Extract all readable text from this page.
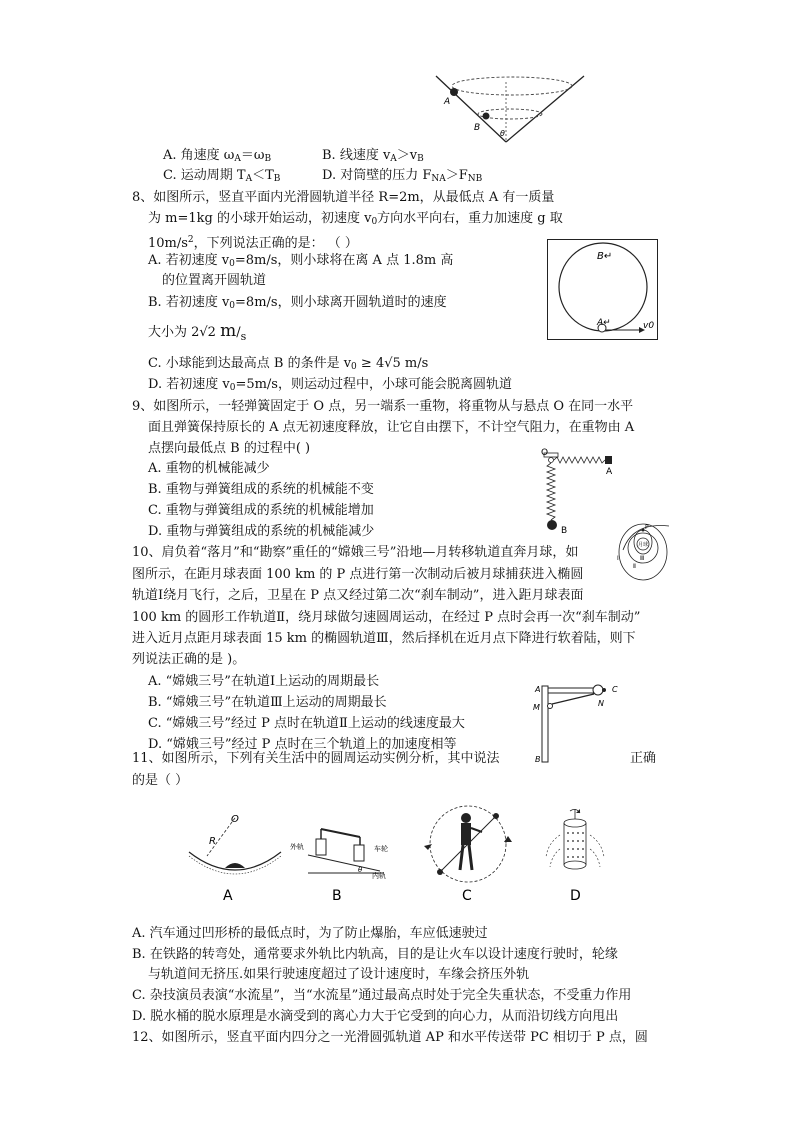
A
B
θ
A. 角速度 $\omega_A=\omega_B$	B. 线速度 $v_A>v_B$
C. 运动周期 $T_A<T_B$	D. 对筒壁的压力 $F_{NA}>F_{NB}$
8、如图所示，竖直平面内光滑圆轨道半径 R=2m，从最低点 A 有一质量
为 m=1kg 的小球开始运动，初速度 $v_0$方向水平向右，重力加速度 g 取
$10m/s^2$，下列说法正确的是： （ ）
A. 若初速度 $v_0=8m/s$，则小球将在离 A 点 1.8m 高
的位置离开圆轨道
B. 若初速度 $v_0=8m/s$，则小球离开圆轨道时的速度
大小为 2√2 $m/_s$
C. 小球能到达最高点 B 的条件是 $v_0 \ge 4√5$ m/s
D. 若初速度 $v_0=5m/s$，则运动过程中，小球可能会脱离圆轨道
B↵
A↵	v0
9、如图所示，一轻弹簧固定于 O 点，另一端系一重物，将重物从与悬点 O 在同一水平
面且弹簧保持原长的 A 点无初速度释放，让它自由摆下，不计空气阻力，在重物由 A
点摆向最低点 B 的过程中( )
A. 重物的机械能减少
B. 重物与弹簧组成的系统的机械能不变
C. 重物与弹簧组成的系统的机械能增加
D. 重物与弹簧组成的系统的机械能减少
O
A
B
10、肩负着“落月”和“勘察”重任的“嫦娥三号”沿地—月转移轨道直奔月球，如
图所示，在距月球表面 100 km 的 P 点进行第一次制动后被月球捕获进入椭圆
轨道Ⅰ绕月飞行，之后，卫星在 P 点又经过第二次“刹车制动”，进入距月球表面
100 km 的圆形工作轨道Ⅱ，绕月球做匀速圆周运动，在经过 P 点时会再一次“刹车制动”
进入近月点距月球表面 15 km 的椭圆轨道Ⅲ，然后择机在近月点下降进行软着陆，则下
列说法正确的是 )。
A. “嫦娥三号”在轨道Ⅰ上运动的周期最长
B. “嫦娥三号”在轨道Ⅲ上运动的周期最长
C. “嫦娥三号”经过 P 点时在轨道Ⅱ上运动的线速度最大
D. “嫦娥三号”经过 P 点时在三个轨道上的加速度相等
P
月球
Ⅰ
Ⅱ
Ⅲ
A	C
M	N
B
11、如图所示，下列有关生活中的圆周运动实例分析，其中说法	正确
的是（ ）
O
R
A
外轨	车轮
内轨
θ
B	C	D
A. 汽车通过凹形桥的最低点时，为了防止爆胎，车应低速驶过
B. 在铁路的转弯处，通常要求外轨比内轨高，目的是让火车以设计速度行驶时，轮缘
与轨道间无挤压.如果行驶速度超过了设计速度时，车缘会挤压外轨
C. 杂技演员表演“水流星”，当“水流星”通过最高点时处于完全失重状态，不受重力作用
D. 脱水桶的脱水原理是水滴受到的离心力大于它受到的向心力，从而沿切线方向甩出
12、如图所示，竖直平面内四分之一光滑圆弧轨道 AP 和水平传送带 PC 相切于 P 点，圆
